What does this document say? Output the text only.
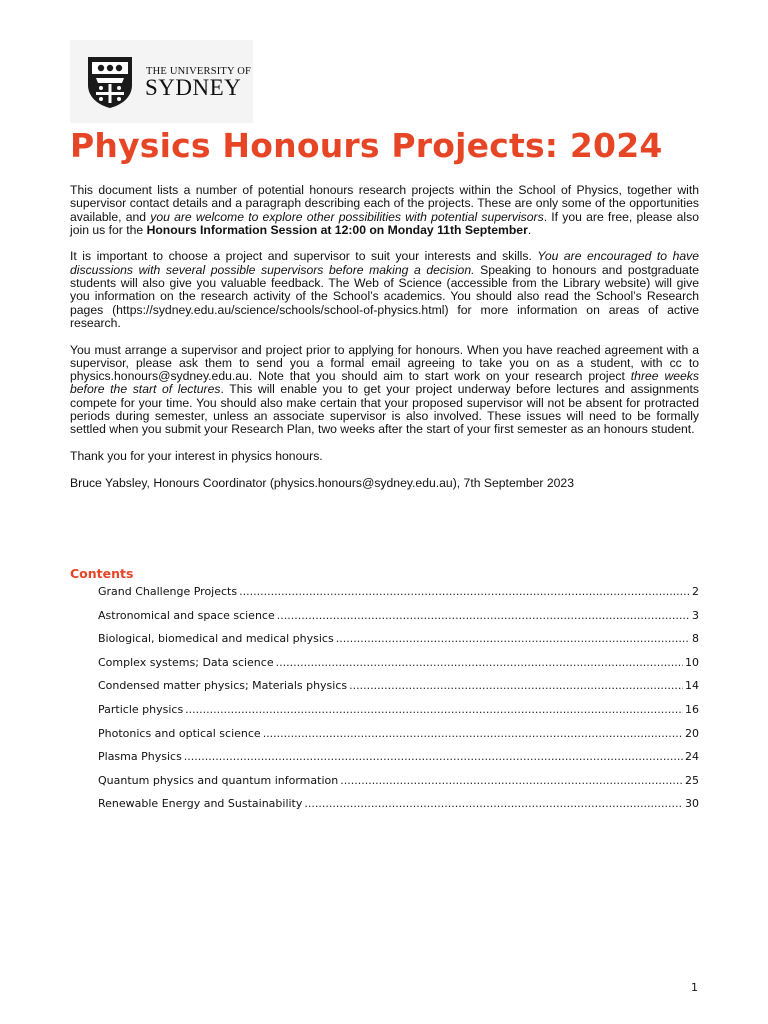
THE UNIVERSITY OF
SYDNEY
Physics Honours Projects: 2024

This document lists a number of potential honours research projects within the School of Physics, together with supervisor contact details and a paragraph describing each of the projects. These are only some of the opportunities available, and you are welcome to explore other possibilities with potential supervisors. If you are free, please also join us for the Honours Information Session at 12:00 on Monday 11th September.

It is important to choose a project and supervisor to suit your interests and skills. You are encouraged to have discussions with several possible supervisors before making a decision. Speaking to honours and postgraduate students will also give you valuable feedback. The Web of Science (accessible from the Library website) will give you information on the research activity of the School’s academics. You should also read the School’s Research pages (https://sydney.edu.au/science/schools/school-of-physics.html) for more information on areas of active research.

You must arrange a supervisor and project prior to applying for honours. When you have reached agreement with a supervisor, please ask them to send you a formal email agreeing to take you on as a student, with cc to physics.honours@sydney.edu.au. Note that you should aim to start work on your research project three weeks before the start of lectures. This will enable you to get your project underway before lectures and assignments compete for your time. You should also make certain that your proposed supervisor will not be absent for protracted periods during semester, unless an associate supervisor is also involved. These issues will need to be formally settled when you submit your Research Plan, two weeks after the start of your first semester as an honours student.

Thank you for your interest in physics honours.

Bruce Yabsley, Honours Coordinator (physics.honours@sydney.edu.au), 7th September 2023

Contents
Grand Challenge Projects .....	2
Astronomical and space science .....	3
Biological, biomedical and medical physics .....	8
Complex systems; Data science .....	10
Condensed matter physics; Materials physics .....	14
Particle physics .....	16
Photonics and optical science .....	20
Plasma Physics .....	24
Quantum physics and quantum information .....	25
Renewable Energy and Sustainability .....	30
1
